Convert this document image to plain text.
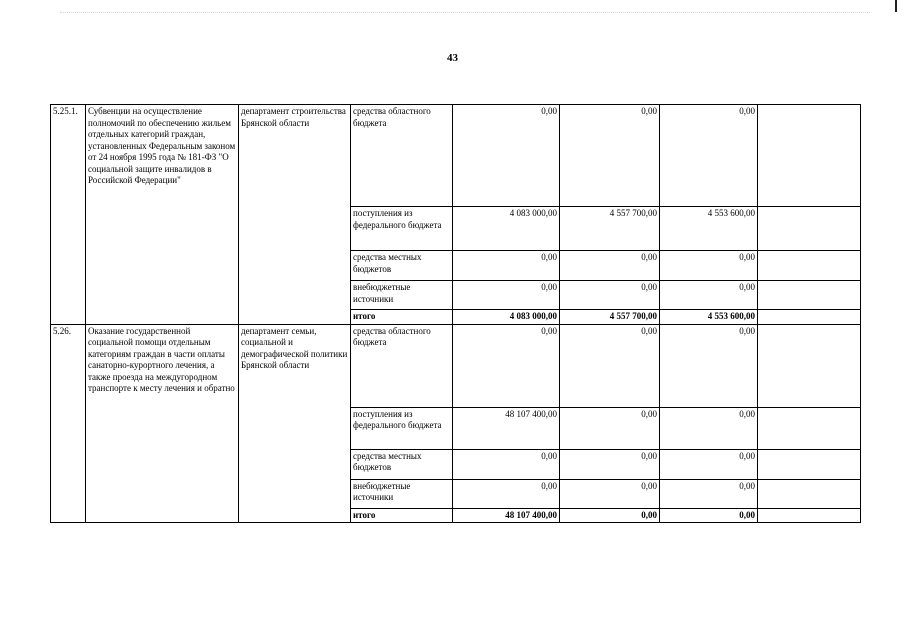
43
5.25.1.	Субвенции на осуществление полномочий по обеспечению жильем отдельных категорий граждан, установленных Федеральным законом от 24 ноября 1995 года № 181-ФЗ "О социальной защите инвалидов в Российской Федерации"	департамент строительства Брянской области	средства областного бюджета	0,00	0,00	0,00	
			поступления из федерального бюджета	4 083 000,00	4 557 700,00	4 553 600,00	
			средства местных бюджетов	0,00	0,00	0,00	
			внебюджетные источники	0,00	0,00	0,00	
			итого	4 083 000,00	4 557 700,00	4 553 600,00	
5.26.	Оказание государственной социальной помощи отдельным категориям граждан в части оплаты санаторно-курортного лечения, а также проезда на междугородном транспорте к месту лечения и обратно	департамент семьи, социальной и демографической политики Брянской области	средства областного бюджета	0,00	0,00	0,00	
			поступления из федерального бюджета	48 107 400,00	0,00	0,00	
			средства местных бюджетов	0,00	0,00	0,00	
			внебюджетные источники	0,00	0,00	0,00	
			итого	48 107 400,00	0,00	0,00	
